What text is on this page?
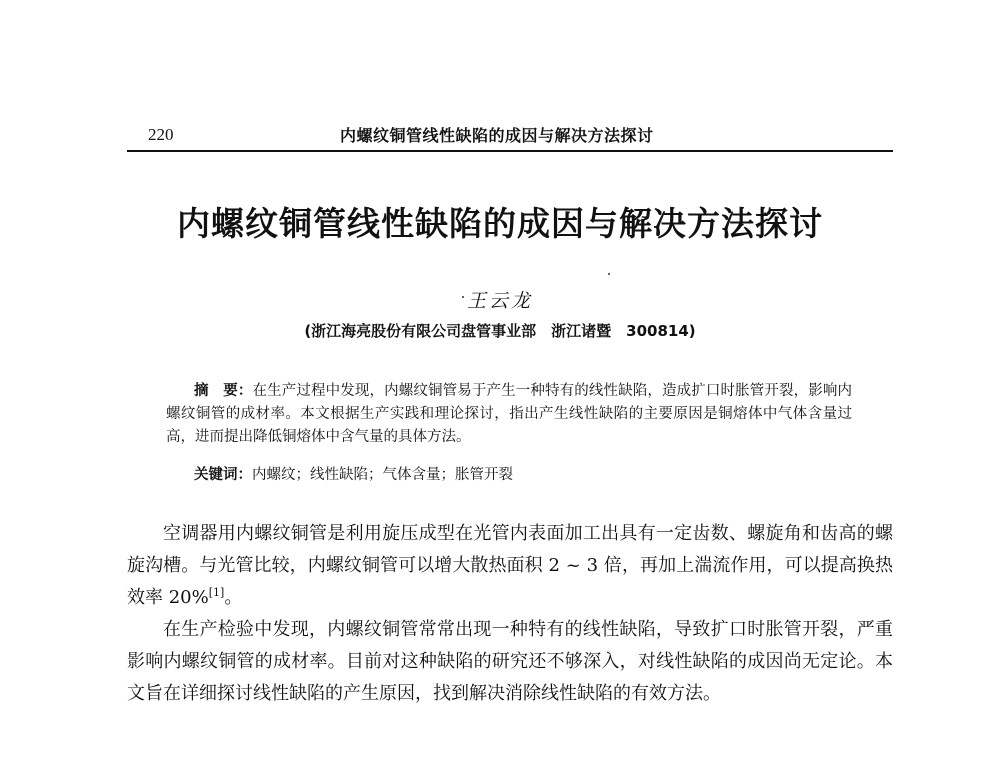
220	内螺纹铜管线性缺陷的成因与解决方法探讨
内螺纹铜管线性缺陷的成因与解决方法探讨
王云龙
(浙江海亮股份有限公司盘管事业部　浙江诸暨　300814)
摘　要：在生产过程中发现，内螺纹铜管易于产生一种特有的线性缺陷，造成扩口时胀管开裂，影响内螺纹铜管的成材率。本文根据生产实践和理论探讨，指出产生线性缺陷的主要原因是铜熔体中气体含量过高，进而提出降低铜熔体中含气量的具体方法。
关键词：内螺纹；线性缺陷；气体含量；胀管开裂

空调器用内螺纹铜管是利用旋压成型在光管内表面加工出具有一定齿数、螺旋角和齿高的螺旋沟槽。与光管比较，内螺纹铜管可以增大散热面积 2 ~ 3 倍，再加上湍流作用，可以提高换热效率 20%[1]。

在生产检验中发现，内螺纹铜管常常出现一种特有的线性缺陷，导致扩口时胀管开裂，严重影响内螺纹铜管的成材率。目前对这种缺陷的研究还不够深入，对线性缺陷的成因尚无定论。本文旨在详细探讨线性缺陷的产生原因，找到解决消除线性缺陷的有效方法。
